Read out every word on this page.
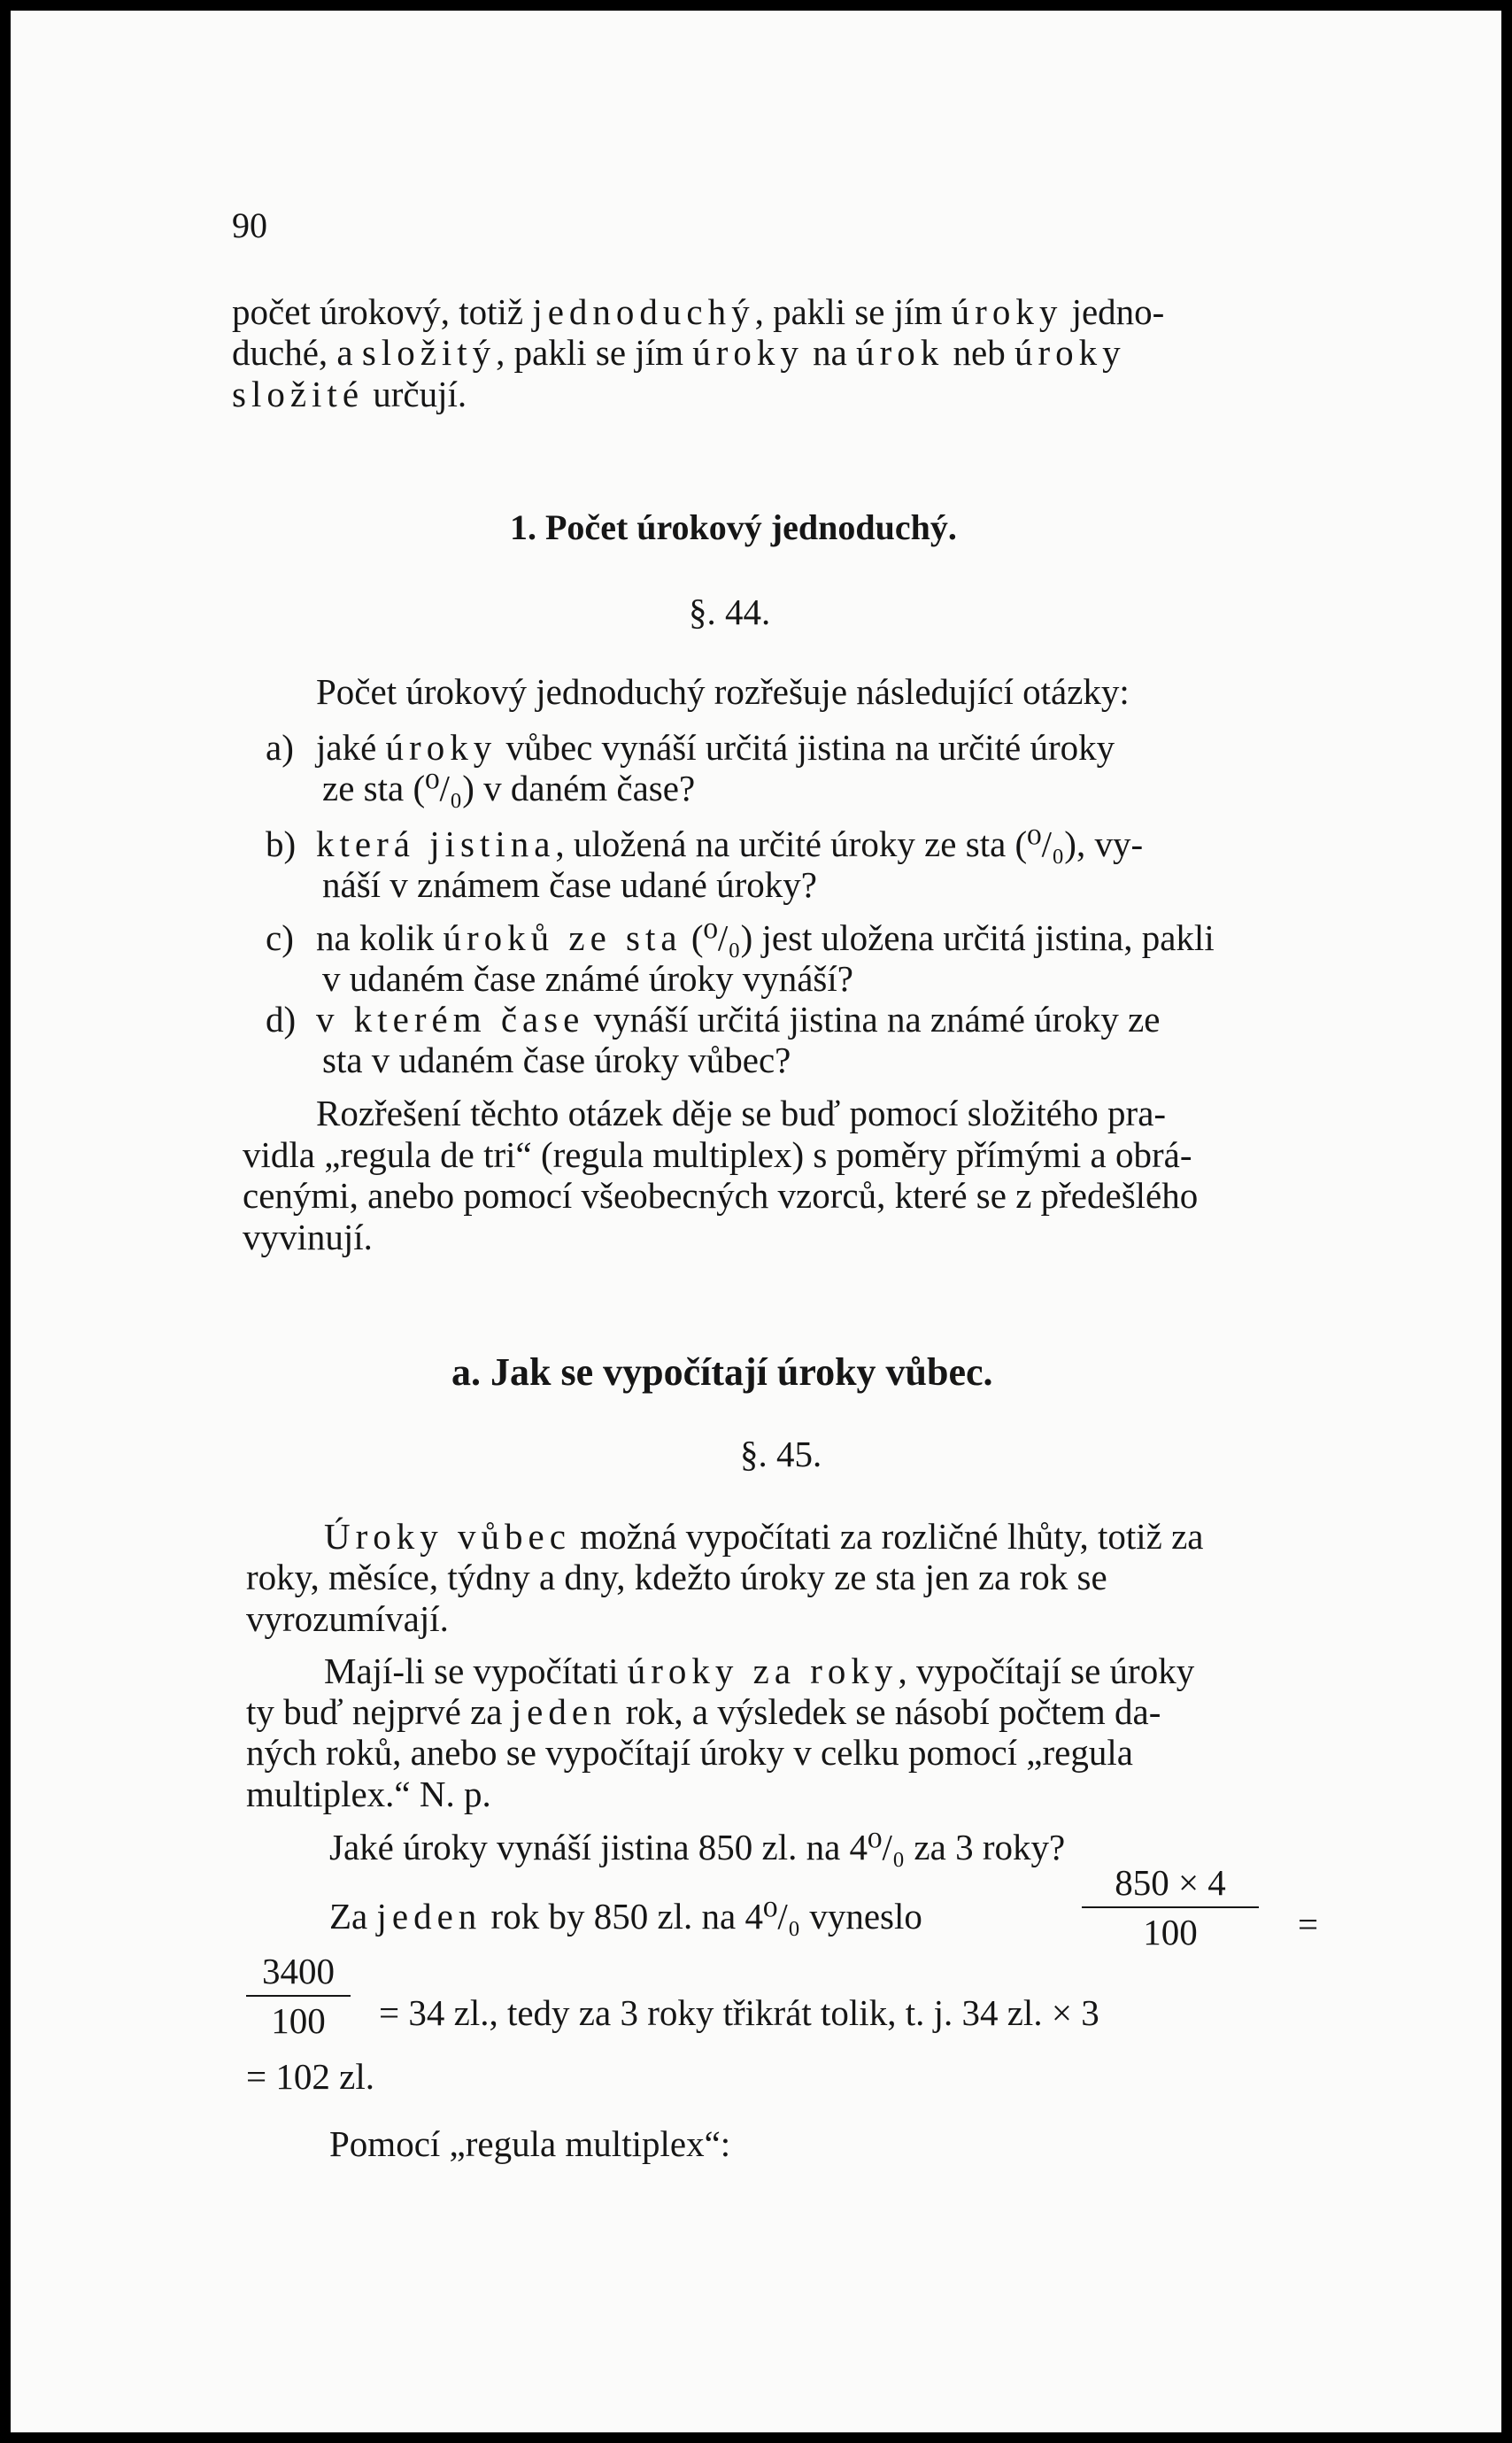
90
počet úrokový, totiž jednoduchý, pakli se jím úroky jedno-
duché, a složitý, pakli se jím úroky na úrok neb úroky
složité určují.
1. Počet úrokový jednoduchý.
§. 44.
Počet úrokový jednoduchý rozřešuje následující otázky:
a) jaké úroky vůbec vynáší určitá jistina na určité úroky
ze sta (⁰/₀) v daném čase?
b) která jistina, uložená na určité úroky ze sta (⁰/₀), vy-
náší v známem čase udané úroky?
c) na kolik úroků ze sta (⁰/₀) jest uložena určitá jistina, pakli
v udaném čase známé úroky vynáší?
d) v kterém čase vynáší určitá jistina na známé úroky ze
sta v udaném čase úroky vůbec?
Rozřešení těchto otázek děje se buď pomocí složitého pra-
vidla „regula de tri“ (regula multiplex) s poměry přímými a obrá-
cenými, anebo pomocí všeobecných vzorců, které se z předešlého
vyvinují.
a. Jak se vypočítají úroky vůbec.
§. 45.
Úroky vůbec možná vypočítati za rozličné lhůty, totiž za
roky, měsíce, týdny a dny, kdežto úroky ze sta jen za rok se
vyrozumívají.
Mají-li se vypočítati úroky za roky, vypočítají se úroky
ty buď nejprvé za jeden rok, a výsledek se násobí počtem da-
ných roků, anebo se vypočítají úroky v celku pomocí „regula
multiplex.“ N. p.
Jaké úroky vynáší jistina 850 zl. na 4⁰/₀ za 3 roky?
Za jeden rok by 850 zl. na 4⁰/₀ vyneslo
850 × 4
100	=
3400
100	= 34 zl., tedy za 3 roky třikrát tolik, t. j. 34 zl. × 3
= 102 zl.
Pomocí „regula multiplex“:
